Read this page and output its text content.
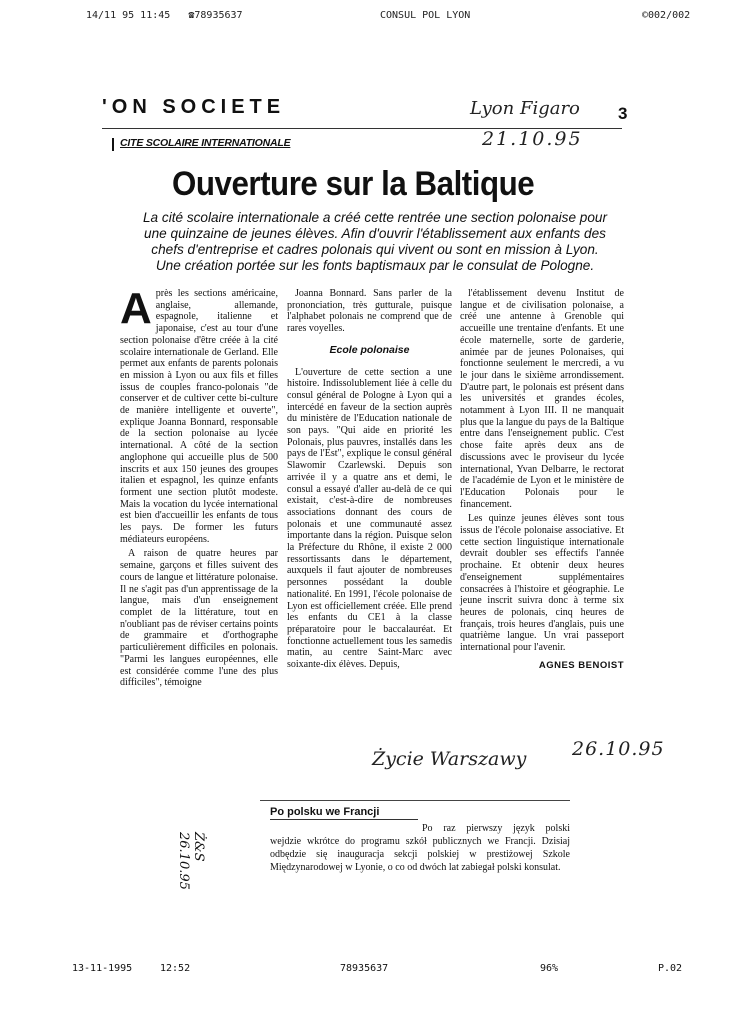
14/11 95 11:45 ☎78935637	CONSUL POL LYON	©002/002
'ON SOCIETE	Lyon Figaro 3
21.10.95
CITE SCOLAIRE INTERNATIONALE
Ouverture sur la Baltique
La cité scolaire internationale a créé cette rentrée une section polonaise pour une quinzaine de jeunes élèves. Afin d'ouvrir l'établissement aux enfants des chefs d'entreprise et cadres polonais qui vivent ou sont en mission à Lyon. Une création portée sur les fonts baptismaux par le consulat de Pologne.
A près les sections américaine, anglaise, allemande, espagnole, italienne et japonaise, c'est au tour d'une section polonaise d'être créée à la cité scolaire internationale de Gerland. Elle permet aux enfants de parents polonais en mission à Lyon ou aux fils et filles issus de couples franco-polonais "de conserver et de cultiver cette bi-culture de manière intelligente et ouverte", explique Joanna Bonnard, responsable de la section polonaise au lycée international. A côté de la section anglophone qui accueille plus de 500 inscrits et aux 150 jeunes des groupes italien et espagnol, les quinze enfants forment une section plutôt modeste. Mais la vocation du lycée international est bien d'accueillir les enfants de tous les pays. De former les futurs médiateurs européens.

A raison de quatre heures par semaine, garçons et filles suivent des cours de langue et littérature polonaise. Il ne s'agit pas d'un apprentissage de la langue, mais d'un enseignement complet de la littérature, tout en n'oubliant pas de réviser certains points de grammaire et d'orthographe particulièrement difficiles en polonais. "Parmi les langues européennes, elle est considérée comme l'une des plus difficiles", témoigne

Joanna Bonnard. Sans parler de la prononciation, très gutturale, puisque l'alphabet polonais ne comprend que de rares voyelles.

Ecole polonaise

L'ouverture de cette section a une histoire. Indissolublement liée à celle du consul général de Pologne à Lyon qui a intercédé en faveur de la section auprès du ministère de l'Education nationale de son pays. "Qui aide en priorité les Polonais, plus pauvres, installés dans les pays de l'Est", explique le consul général Slawomir Czarlewski. Depuis son arrivée il y a quatre ans et demi, le consul a essayé d'aller au-delà de ce qui existait, c'est-à-dire de nombreuses associations donnant des cours de polonais et une communauté assez importante dans la région. Puisque selon la Préfecture du Rhône, il existe 2 000 ressortissants dans le département, auxquels il faut ajouter de nombreuses personnes possédant la double nationalité. En 1991, l'école polonaise de Lyon est officiellement créée. Elle prend les enfants du CE1 à la classe préparatoire pour le baccalauréat. Et fonctionne actuellement tous les samedis matin, au centre Saint-Marc avec soixante-dix élèves. Depuis,

l'établissement devenu Institut de langue et de civilisation polonaise, a créé une antenne à Grenoble qui accueille une trentaine d'enfants. Et une école maternelle, sorte de garderie, animée par de jeunes Polonaises, qui fonctionne seulement le mercredi, a vu le jour dans le sixième arrondissement. D'autre part, le polonais est présent dans les universités et grandes écoles, notamment à Lyon III. Il ne manquait plus que la langue du pays de la Baltique entre dans l'enseignement public. C'est chose faite après deux ans de discussions avec le proviseur du lycée international, Yvan Delbarre, le rectorat de l'académie de Lyon et le ministère de l'Education Polonais pour le financement.

Les quinze jeunes élèves sont tous issus de l'école polonaise associative. Et cette section linguistique internationale devrait doubler ses effectifs l'année prochaine. Et obtenir deux heures d'enseignement supplémentaires consacrées à l'histoire et géographie. Le jeune inscrit suivra donc à terme six heures de polonais, cinq heures de français, trois heures d'anglais, puis une quatrième langue. Un vrai passeport international pour l'avenir.

AGNES BENOIST
Życie Warszawy 26.10.95
Po polsku we Francji
Po raz pierwszy język polski wejdzie wkrótce do programu szkół publicznych we Francji. Dzisiaj odbędzie się inauguracja sekcji polskiej w prestiżowej Szkole Międzynarodowej w Lyonie, o co od dwóch lat zabiegał polski konsulat.
Ż&S
26.10.95
13-11-1995	12:52	78935637	96%	P.02
